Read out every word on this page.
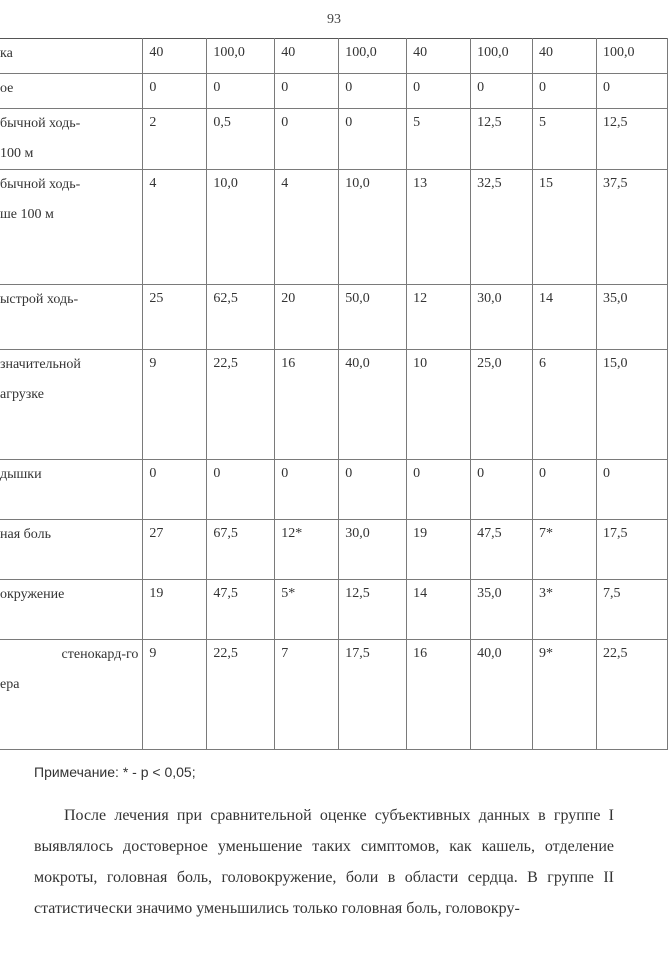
93
ка	40	100,0	40	100,0	40	100,0	40	100,0

ое	0	0	0	0	0	0	0	0

бычной ходь-
100 м	2	0,5	0	0	5	12,5	5	12,5

бычной ходь-
ше 100 м	4	10,0	4	10,0	13	32,5	15	37,5

ыстрой ходь-	25	62,5	20	50,0	12	30,0	14	35,0

значительной
агрузке	9	22,5	16	40,0	10	25,0	6	15,0

дышки	0	0	0	0	0	0	0	0

ная боль	27	67,5	12*	30,0	19	47,5	7*	17,5

окружение	19	47,5	5*	12,5	14	35,0	3*	7,5

стенокард-го
ера	9	22,5	7	17,5	16	40,0	9*	22,5
Примечание: * - р < 0,05;

После лечения при сравнительной оценке субъективных данных в группе I выявлялось достоверное уменьшение таких симптомов, как кашель, отделение мокроты, головная боль, головокружение, боли в области сердца. В группе II статистически значимо уменьшились только головная боль, головокру-
